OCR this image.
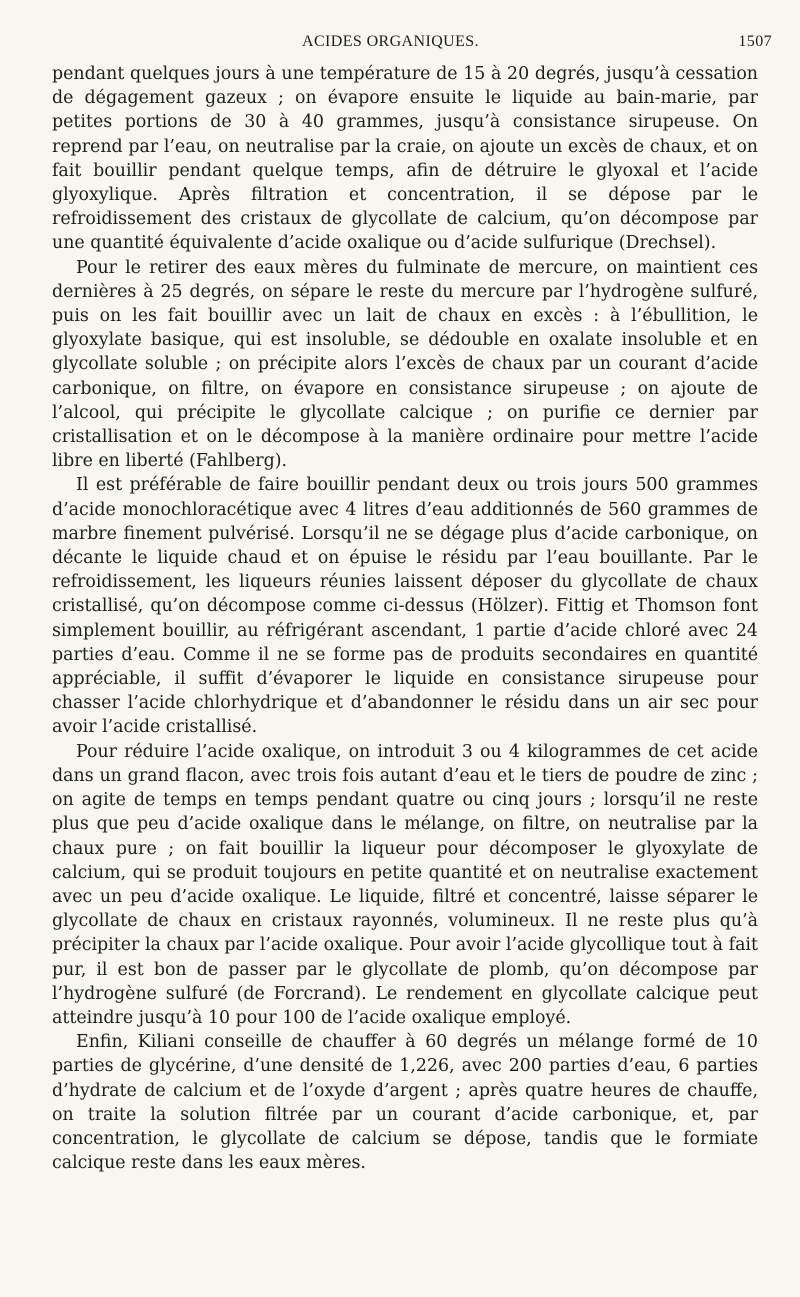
ACIDES ORGANIQUES.	1507

pendant quelques jours à une température de 15 à 20 degrés, jusqu’à cessation de dégagement gazeux ; on évapore ensuite le liquide au bain-marie, par petites portions de 30 à 40 grammes, jusqu’à consistance sirupeuse. On reprend par l’eau, on neutralise par la craie, on ajoute un excès de chaux, et on fait bouillir pendant quelque temps, afin de détruire le glyoxal et l’acide glyoxylique. Après filtration et concentration, il se dépose par le refroidissement des cristaux de glycollate de calcium, qu’on décompose par une quantité équivalente d’acide oxalique ou d’acide sulfurique (Drechsel).

Pour le retirer des eaux mères du fulminate de mercure, on maintient ces dernières à 25 degrés, on sépare le reste du mercure par l’hydrogène sulfuré, puis on les fait bouillir avec un lait de chaux en excès : à l’ébullition, le glyoxylate basique, qui est insoluble, se dédouble en oxalate insoluble et en glycollate soluble ; on précipite alors l’excès de chaux par un courant d’acide carbonique, on filtre, on évapore en consistance sirupeuse ; on ajoute de l’alcool, qui précipite le glycollate calcique ; on purifie ce dernier par cristallisation et on le décompose à la manière ordinaire pour mettre l’acide libre en liberté (Fahlberg).

Il est préférable de faire bouillir pendant deux ou trois jours 500 grammes d’acide monochloracétique avec 4 litres d’eau additionnés de 560 grammes de marbre finement pulvérisé. Lorsqu’il ne se dégage plus d’acide carbonique, on décante le liquide chaud et on épuise le résidu par l’eau bouillante. Par le refroidissement, les liqueurs réunies laissent déposer du glycollate de chaux cristallisé, qu’on décompose comme ci-dessus (Hölzer). Fittig et Thomson font simplement bouillir, au réfrigérant ascendant, 1 partie d’acide chloré avec 24 parties d’eau. Comme il ne se forme pas de produits secondaires en quantité appréciable, il suffit d’évaporer le liquide en consistance sirupeuse pour chasser l’acide chlorhydrique et d’abandonner le résidu dans un air sec pour avoir l’acide cristallisé.

Pour réduire l’acide oxalique, on introduit 3 ou 4 kilogrammes de cet acide dans un grand flacon, avec trois fois autant d’eau et le tiers de poudre de zinc ; on agite de temps en temps pendant quatre ou cinq jours ; lorsqu’il ne reste plus que peu d’acide oxalique dans le mélange, on filtre, on neutralise par la chaux pure ; on fait bouillir la liqueur pour décomposer le glyoxylate de calcium, qui se produit toujours en petite quantité et on neutralise exactement avec un peu d’acide oxalique. Le liquide, filtré et concentré, laisse séparer le glycollate de chaux en cristaux rayonnés, volumineux. Il ne reste plus qu’à précipiter la chaux par l’acide oxalique. Pour avoir l’acide glycollique tout à fait pur, il est bon de passer par le glycollate de plomb, qu’on décompose par l’hydrogène sulfuré (de Forcrand). Le rendement en glycollate calcique peut atteindre jusqu’à 10 pour 100 de l’acide oxalique employé.

Enfin, Kiliani conseille de chauffer à 60 degrés un mélange formé de 10 parties de glycérine, d’une densité de 1,226, avec 200 parties d’eau, 6 parties d’hydrate de calcium et de l’oxyde d’argent ; après quatre heures de chauffe, on traite la solution filtrée par un courant d’acide carbonique, et, par concentration, le glycollate de calcium se dépose, tandis que le formiate calcique reste dans les eaux mères.
